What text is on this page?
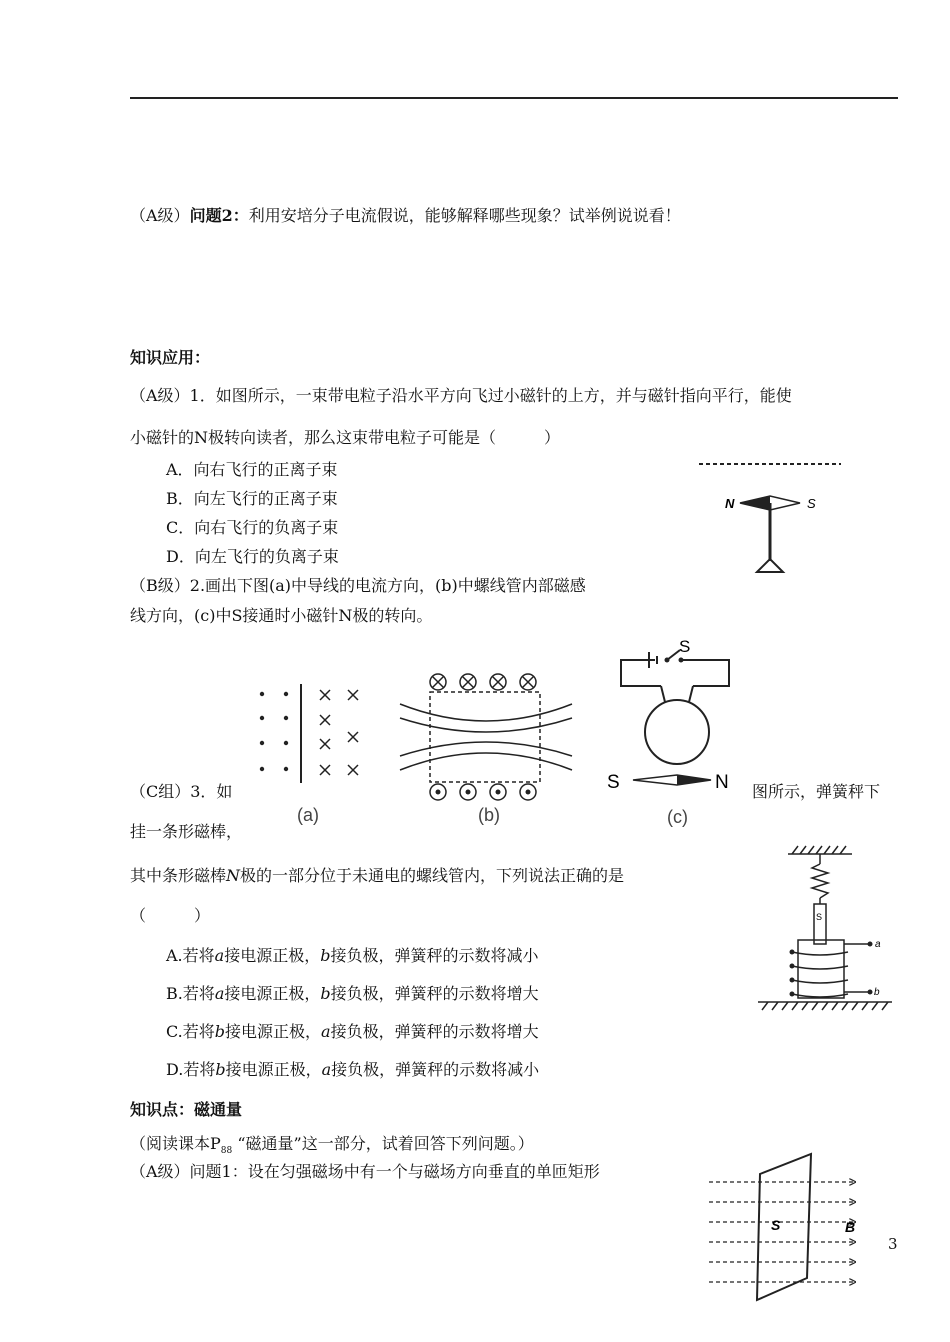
（A级）问题2：利用安培分子电流假说，能够解释哪些现象？试举例说说看！
知识应用：
（A级）1．如图所示，一束带电粒子沿水平方向飞过小磁针的上方，并与磁针指向平行，能使
小磁针的N极转向读者，那么这束带电粒子可能是（　　　）
A．向右飞行的正离子束
B．向左飞行的正离子束
C．向右飞行的负离子束
D．向左飞行的负离子束
N	S
（B级）2.画出下图(a)中导线的电流方向，(b)中螺线管内部磁感
线方向，(c)中S接通时小磁针N极的转向。
(a)	(b)
S
S	N
(c)
（C组）3．如	图所示，弹簧秤下
挂一条形磁棒，
其中条形磁棒N极的一部分位于未通电的螺线管内，下列说法正确的是
（　　　）
A.若将a接电源正极，b接负极，弹簧秤的示数将减小
B.若将a接电源正极，b接负极，弹簧秤的示数将增大
C.若将b接电源正极，a接负极，弹簧秤的示数将增大
D.若将b接电源正极，a接负极，弹簧秤的示数将减小
S
a
b
知识点：磁通量
（阅读课本$P_{88}$ “磁通量”这一部分，试着回答下列问题。）
（A级）问题1：设在匀强磁场中有一个与磁场方向垂直的单匝矩形
S	B
3
